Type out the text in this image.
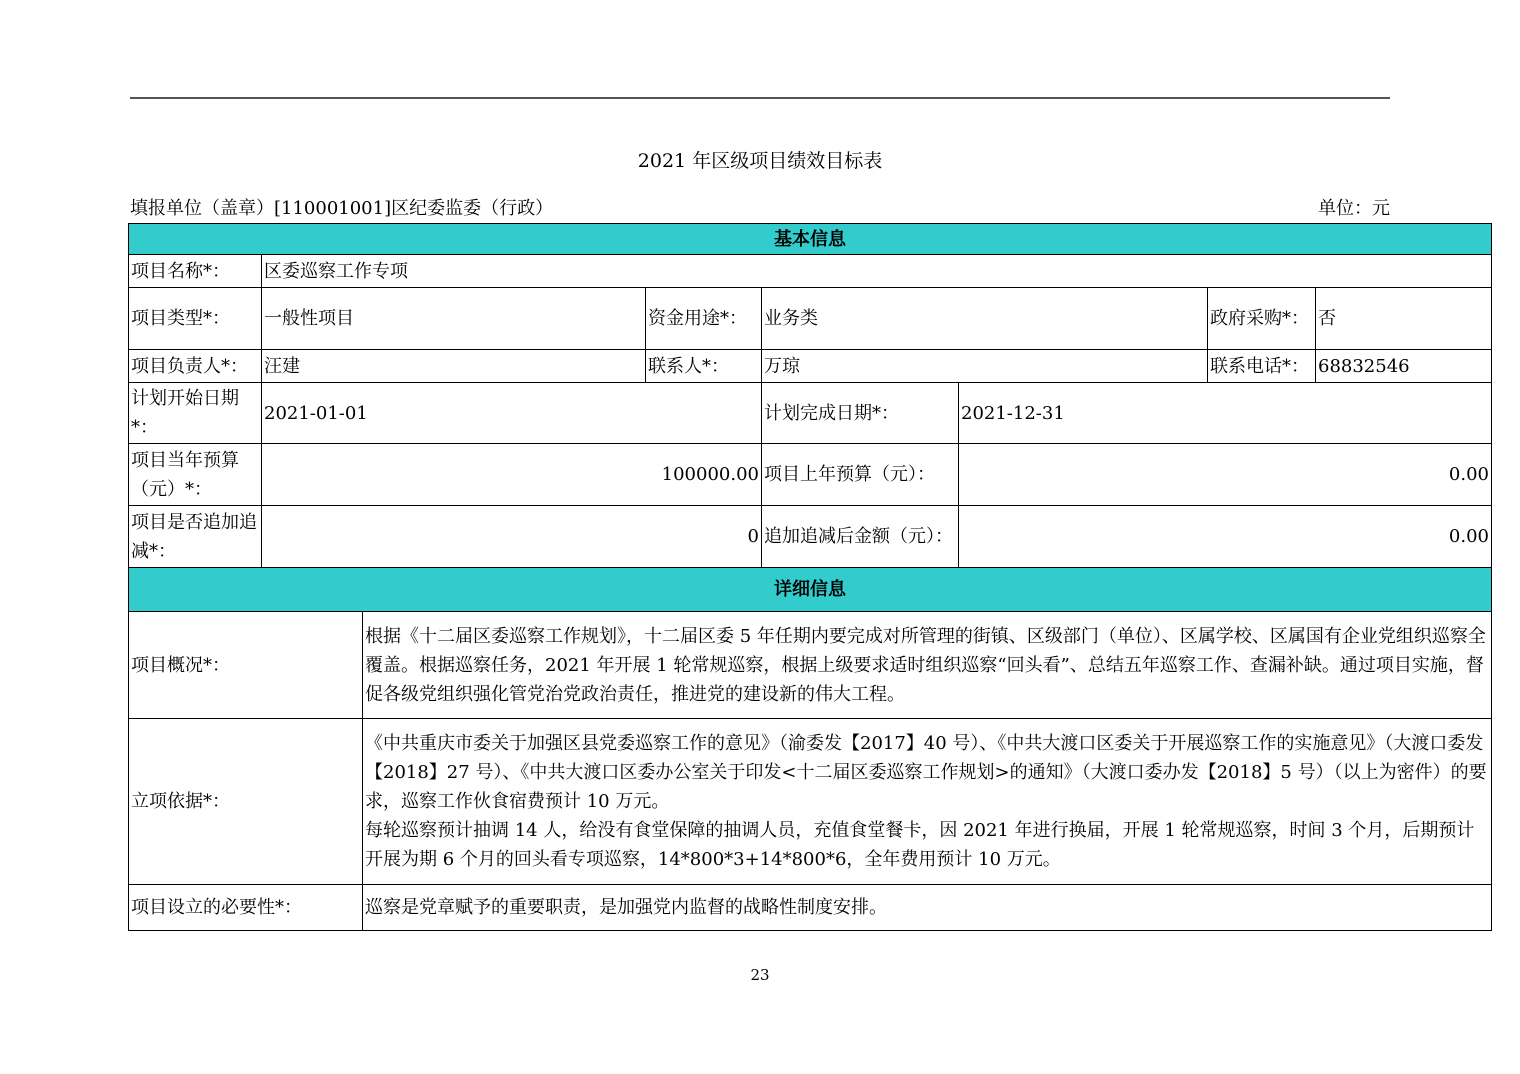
2021 年区级项目绩效目标表
填报单位（盖章）[110001001]区纪委监委（行政）	单位：元
基本信息							
项目名称*：	区委巡察工作专项						
项目类型*：	一般性项目		资金用途*：	业务类		政府采购*：	否
项目负责人*：	汪建		联系人*：	万琼		联系电话*：	68832546
计划开始日期*：	2021-01-01			计划完成日期*：	2021-12-31		
项目当年预算（元）*：	100000.00			项目上年预算（元）：	0.00		
项目是否追加追减*：	0			追加追减后金额（元）：	0.00		
详细信息							
项目概况*：		根据《十二届区委巡察工作规划》，十二届区委 5 年任期内要完成对所管理的街镇、区级部门（单位）、区属学校、区属国有企业党组织巡察全覆盖。根据巡察任务，2021 年开展 1 轮常规巡察，根据上级要求适时组织巡察“回头看”、总结五年巡察工作、查漏补缺。通过项目实施，督促各级党组织强化管党治党政治责任，推进党的建设新的伟大工程。					
立项依据*：		《中共重庆市委关于加强区县党委巡察工作的意见》（渝委发【2017】40 号）、《中共大渡口区委关于开展巡察工作的实施意见》（大渡口委发【2018】27 号）、《中共大渡口区委办公室关于印发<十二届区委巡察工作规划>的通知》（大渡口委办发【2018】5 号）（以上为密件）的要求，巡察工作伙食宿费预计 10 万元。
每轮巡察预计抽调 14 人，给没有食堂保障的抽调人员，充值食堂餐卡，因 2021 年进行换届，开展 1 轮常规巡察，时间 3 个月，后期预计开展为期 6 个月的回头看专项巡察，14*800*3+14*800*6，全年费用预计 10 万元。					

项目设立的必要性*：		巡察是党章赋予的重要职责，是加强党内监督的战略性制度安排。					
23
